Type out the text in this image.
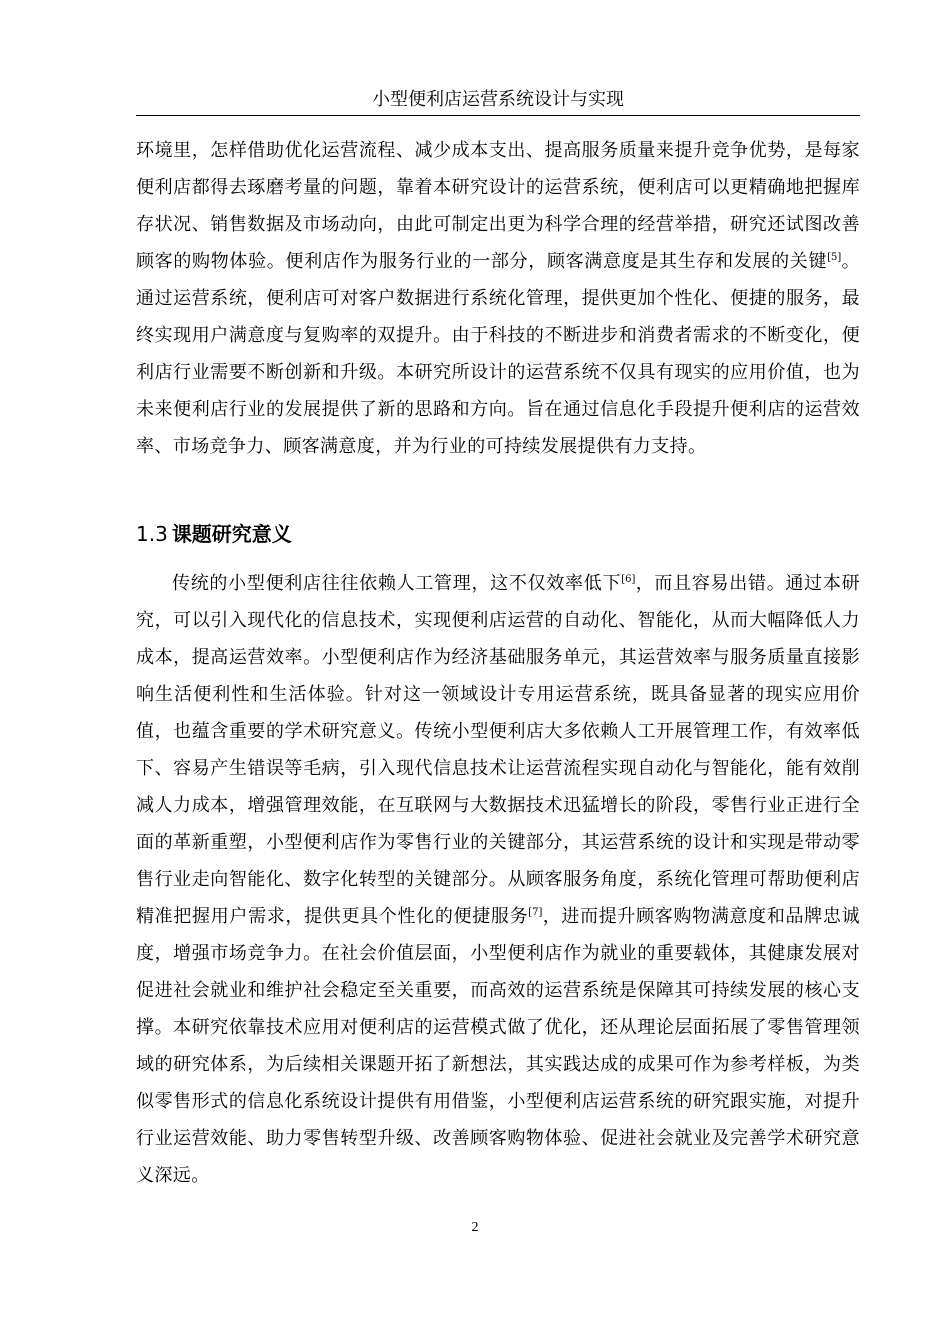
小型便利店运营系统设计与实现

环境里，怎样借助优化运营流程、减少成本支出、提高服务质量来提升竞争优势，是每家便利店都得去琢磨考量的问题，靠着本研究设计的运营系统，便利店可以更精确地把握库存状况、销售数据及市场动向，由此可制定出更为科学合理的经营举措，研究还试图改善顾客的购物体验。便利店作为服务行业的一部分，顾客满意度是其生存和发展的关键[5]。通过运营系统，便利店可对客户数据进行系统化管理，提供更加个性化、便捷的服务，最终实现用户满意度与复购率的双提升。由于科技的不断进步和消费者需求的不断变化，便利店行业需要不断创新和升级。本研究所设计的运营系统不仅具有现实的应用价值，也为未来便利店行业的发展提供了新的思路和方向。旨在通过信息化手段提升便利店的运营效率、市场竞争力、顾客满意度，并为行业的可持续发展提供有力支持。

1.3 课题研究意义

传统的小型便利店往往依赖人工管理，这不仅效率低下[6]，而且容易出错。通过本研究，可以引入现代化的信息技术，实现便利店运营的自动化、智能化，从而大幅降低人力成本，提高运营效率。小型便利店作为经济基础服务单元，其运营效率与服务质量直接影响生活便利性和生活体验。针对这一领域设计专用运营系统，既具备显著的现实应用价值，也蕴含重要的学术研究意义。传统小型便利店大多依赖人工开展管理工作，有效率低下、容易产生错误等毛病，引入现代信息技术让运营流程实现自动化与智能化，能有效削减人力成本，增强管理效能，在互联网与大数据技术迅猛增长的阶段，零售行业正进行全面的革新重塑，小型便利店作为零售行业的关键部分，其运营系统的设计和实现是带动零售行业走向智能化、数字化转型的关键部分。从顾客服务角度，系统化管理可帮助便利店精准把握用户需求，提供更具个性化的便捷服务[7]，进而提升顾客购物满意度和品牌忠诚度，增强市场竞争力。在社会价值层面，小型便利店作为就业的重要载体，其健康发展对促进社会就业和维护社会稳定至关重要，而高效的运营系统是保障其可持续发展的核心支撑。本研究依靠技术应用对便利店的运营模式做了优化，还从理论层面拓展了零售管理领域的研究体系，为后续相关课题开拓了新想法，其实践达成的成果可作为参考样板，为类似零售形式的信息化系统设计提供有用借鉴，小型便利店运营系统的研究跟实施，对提升行业运营效能、助力零售转型升级、改善顾客购物体验、促进社会就业及完善学术研究意义深远。

2
